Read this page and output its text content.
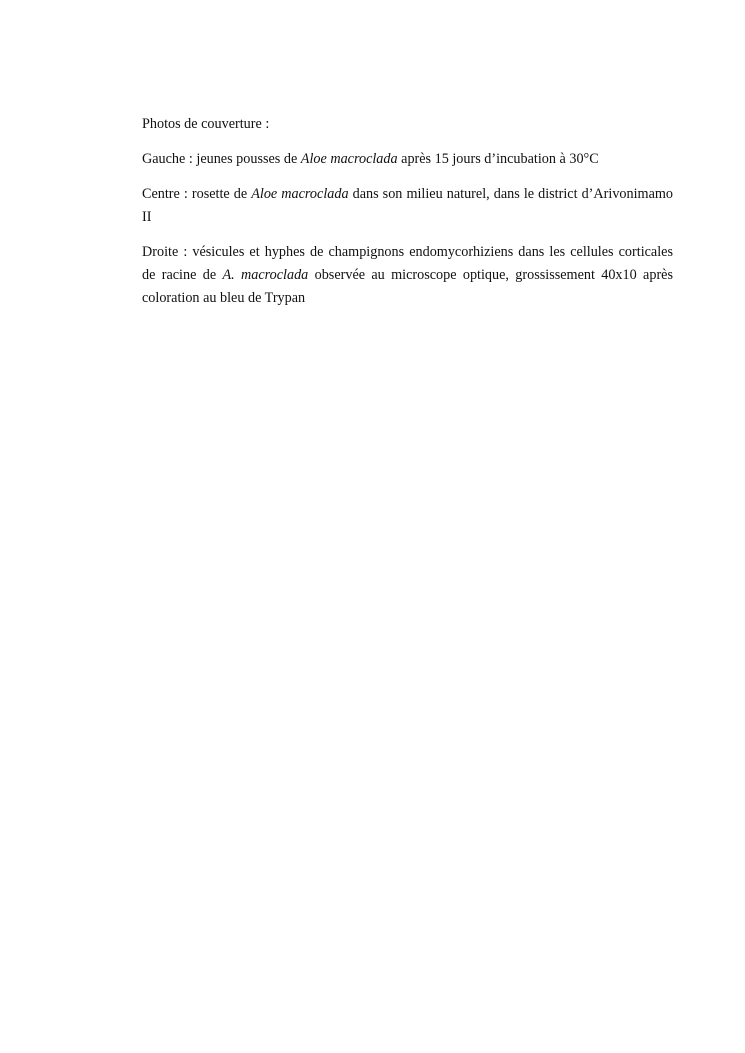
Photos de couverture :

Gauche : jeunes pousses de Aloe macroclada après 15 jours d’incubation à 30°C

Centre : rosette de Aloe macroclada dans son milieu naturel, dans le district d’Arivonimamo II

Droite : vésicules et hyphes de champignons endomycorhiziens dans les cellules corticales de racine de A. macroclada observée au microscope optique, grossissement 40x10 après coloration au bleu de Trypan
